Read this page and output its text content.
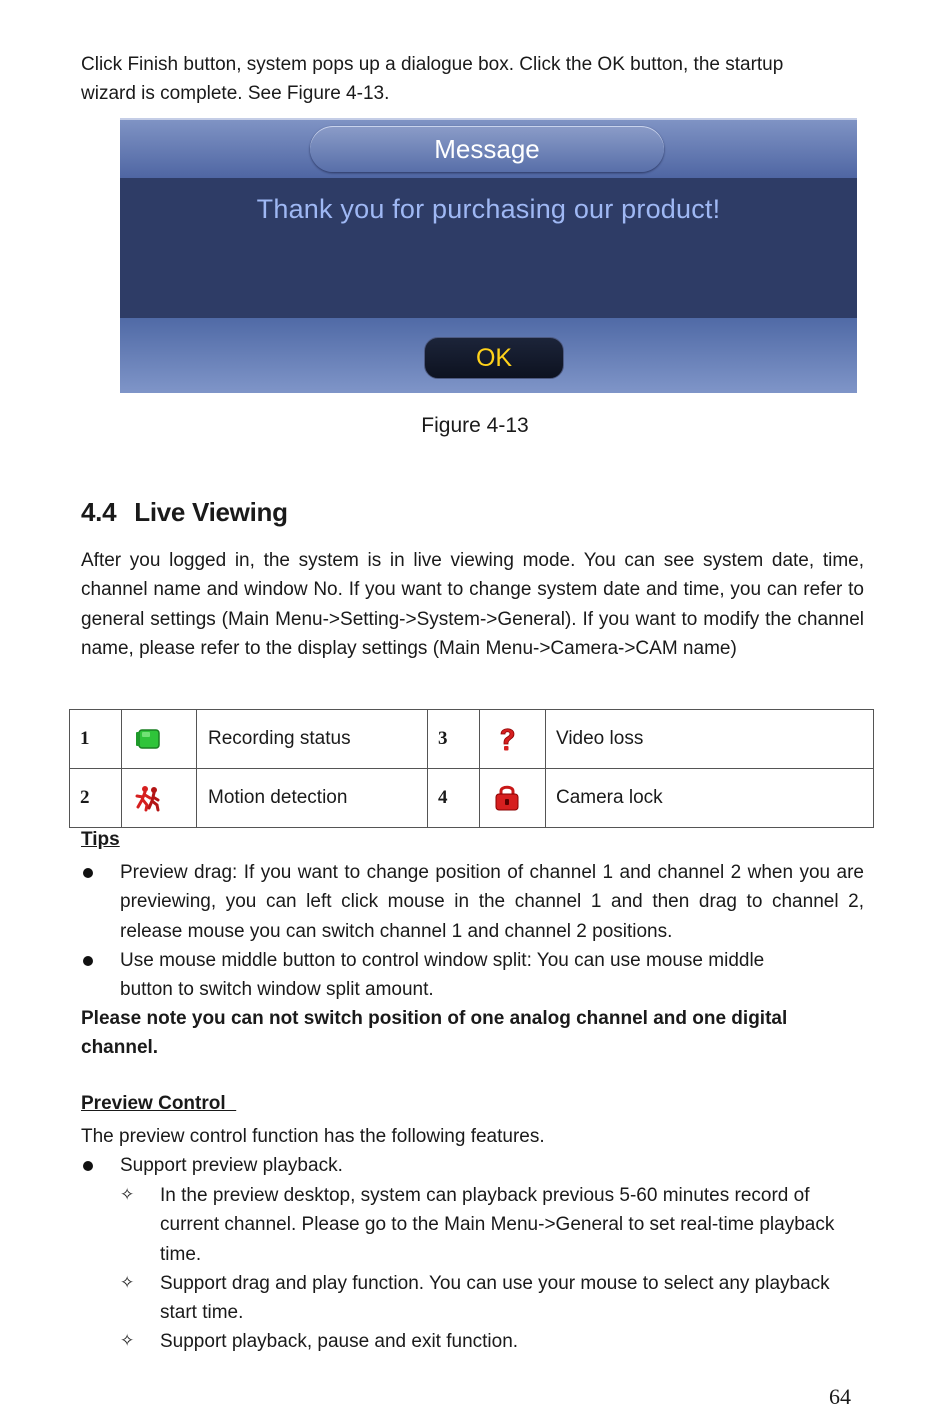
Click Finish button, system pops up a dialogue box. Click the OK button, the startup wizard is complete. See Figure 4-13.

Message
Thank you for purchasing our product!
OK
Figure 4-13
4.4 Live Viewing

After you logged in, the system is in live viewing mode. You can see system date, time, channel name and window No. If you want to change system date and time, you can refer to general settings (Main Menu->Setting->System->General). If you want to modify the channel name, please refer to the display settings (Main Menu->Camera->CAM name)

1		Recording status	3		Video loss
2		Motion detection	4		Camera lock
Tips
Preview drag: If you want to change position of channel 1 and channel 2 when you are previewing, you can left click mouse in the channel 1 and then drag to channel 2, release mouse you can switch channel 1 and channel 2 positions.
Use mouse middle button to control window split: You can use mouse middle button to switch window split amount.
Please note you can not switch position of one analog channel and one digital channel.
Preview Control
The preview control function has the following features.
Support preview playback.
✧ In the preview desktop, system can playback previous 5-60 minutes record of current channel. Please go to the Main Menu->General to set real-time playback time.
✧ Support drag and play function. You can use your mouse to select any playback start time.
✧ Support playback, pause and exit function.
64
